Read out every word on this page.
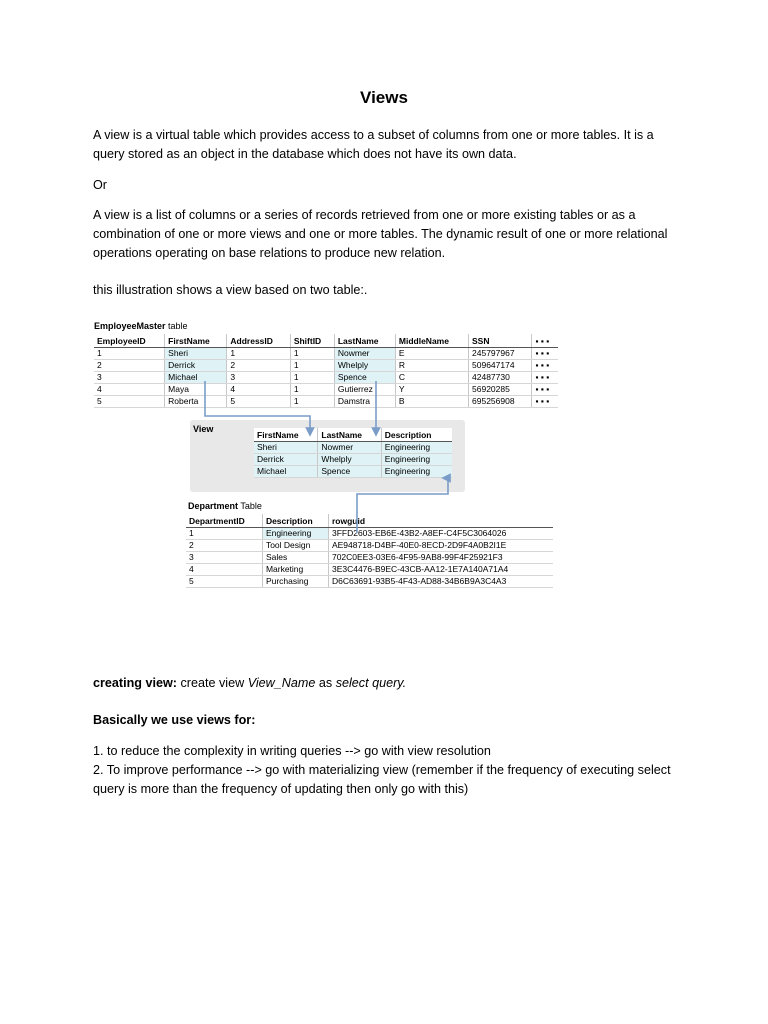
Views
A view is a virtual table which provides access to a subset of columns from one or more tables. It is a query stored as an object in the database which does not have its own data.
Or
A view is a list of columns or a series of records retrieved from one or more existing tables or as a combination of one or more views and one or more tables. The dynamic result of one or more relational operations operating on base relations to produce new relation.
this illustration shows a view based on two table:.
EmployeeMaster table
EmployeeID	FirstName	AddressID	ShiftID	LastName	MiddleName	SSN	▪ ▪ ▪
1	Sheri	1	1	Nowmer	E	245797967	▪ ▪ ▪
2	Derrick	2	1	Whelply	R	509647174	▪ ▪ ▪
3	Michael	3	1	Spence	C	42487730	▪ ▪ ▪
4	Maya	4	1	Gutierrez	Y	56920285	▪ ▪ ▪
5	Roberta	5	1	Damstra	B	695256908	▪ ▪ ▪
View
FirstName	LastName	Description
Sheri	Nowmer	Engineering
Derrick	Whelply	Engineering
Michael	Spence	Engineering
Department Table
DepartmentID	Description	rowguid
1	Engineering	3FFD2603-EB6E-43B2-A8EF-C4F5C3064026
2	Tool Design	AE948718-D4BF-40E0-8ECD-2D9F4A0B2I1E
3	Sales	702C0EE3-03E6-4F95-9AB8-99F4F25921F3
4	Marketing	3E3C4476-B9EC-43CB-AA12-1E7A140A71A4
5	Purchasing	D6C63691-93B5-4F43-AD88-34B6B9A3C4A3
creating view: create view View_Name as select query.
Basically we use views for:
1. to reduce the complexity in writing queries --> go with view resolution
2. To improve performance --> go with materializing view (remember if the frequency of executing select query is more than the frequency of updating then only go with this)
